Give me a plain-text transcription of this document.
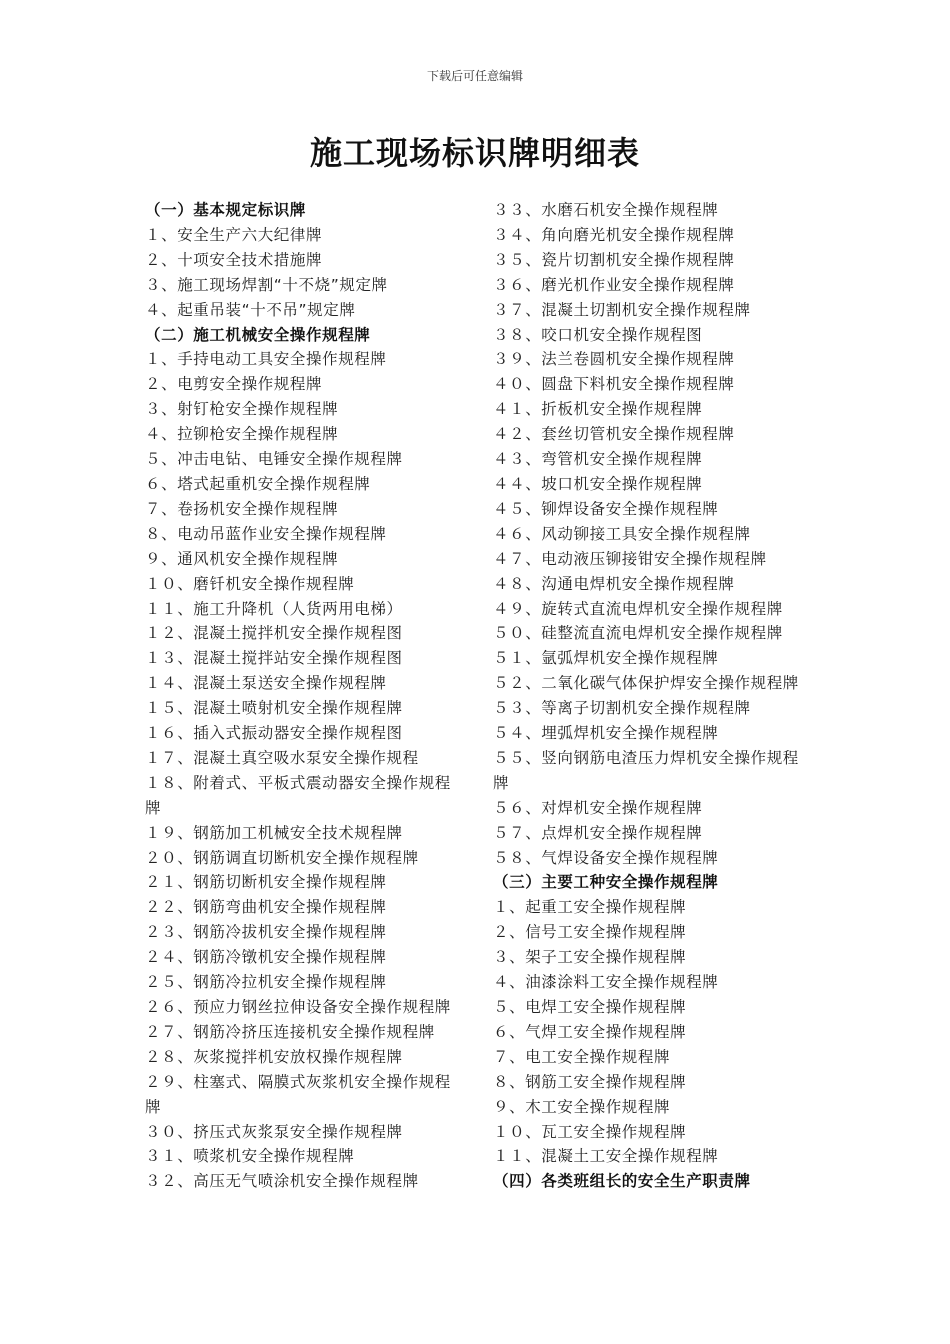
下载后可任意编辑
施工现场标识牌明细表
（一）基本规定标识牌
１、安全生产六大纪律牌
２、十项安全技术措施牌
３、施工现场焊割“十不烧”规定牌
４、起重吊装“十不吊”规定牌
（二）施工机械安全操作规程牌
１、手持电动工具安全操作规程牌
２、电剪安全操作规程牌
３、射钉枪安全操作规程牌
４、拉铆枪安全操作规程牌
５、冲击电钻、电锤安全操作规程牌
６、塔式起重机安全操作规程牌
７、卷扬机安全操作规程牌
８、电动吊蓝作业安全操作规程牌
９、通风机安全操作规程牌
１０、磨钎机安全操作规程牌
１１、施工升降机（人货两用电梯）
１２、混凝土搅拌机安全操作规程图
１３、混凝土搅拌站安全操作规程图
１４、混凝土泵送安全操作规程牌
１５、混凝土喷射机安全操作规程牌
１６、插入式振动器安全操作规程图
１７、混凝土真空吸水泵安全操作规程
１８、附着式、平板式震动器安全操作规程牌
１９、钢筋加工机械安全技术规程牌
２０、钢筋调直切断机安全操作规程牌
２１、钢筋切断机安全操作规程牌
２２、钢筋弯曲机安全操作规程牌
２３、钢筋冷拔机安全操作规程牌
２４、钢筋冷镦机安全操作规程牌
２５、钢筋冷拉机安全操作规程牌
２６、预应力钢丝拉伸设备安全操作规程牌
２７、钢筋冷挤压连接机安全操作规程牌
２８、灰浆搅拌机安放权操作规程牌
２９、柱塞式、隔膜式灰浆机安全操作规程牌
３０、挤压式灰浆泵安全操作规程牌
３１、喷浆机安全操作规程牌
３２、高压无气喷涂机安全操作规程牌
３３、水磨石机安全操作规程牌
３４、角向磨光机安全操作规程牌
３５、瓷片切割机安全操作规程牌
３６、磨光机作业安全操作规程牌
３７、混凝土切割机安全操作规程牌
３８、咬口机安全操作规程图
３９、法兰卷圆机安全操作规程牌
４０、圆盘下料机安全操作规程牌
４１、折板机安全操作规程牌
４２、套丝切管机安全操作规程牌
４３、弯管机安全操作规程牌
４４、坡口机安全操作规程牌
４５、铆焊设备安全操作规程牌
４６、风动铆接工具安全操作规程牌
４７、电动液压铆接钳安全操作规程牌
４８、沟通电焊机安全操作规程牌
４９、旋转式直流电焊机安全操作规程牌
５０、硅整流直流电焊机安全操作规程牌
５１、氩弧焊机安全操作规程牌
５２、二氧化碳气体保护焊安全操作规程牌
５３、等离子切割机安全操作规程牌
５４、埋弧焊机安全操作规程牌
５５、竖向钢筋电渣压力焊机安全操作规程牌
５６、对焊机安全操作规程牌
５７、点焊机安全操作规程牌
５８、气焊设备安全操作规程牌
（三）主要工种安全操作规程牌
１、起重工安全操作规程牌
２、信号工安全操作规程牌
３、架子工安全操作规程牌
４、油漆涂料工安全操作规程牌
５、电焊工安全操作规程牌
６、气焊工安全操作规程牌
７、电工安全操作规程牌
８、钢筋工安全操作规程牌
９、木工安全操作规程牌
１０、瓦工安全操作规程牌
１１、混凝土工安全操作规程牌
（四）各类班组长的安全生产职责牌
